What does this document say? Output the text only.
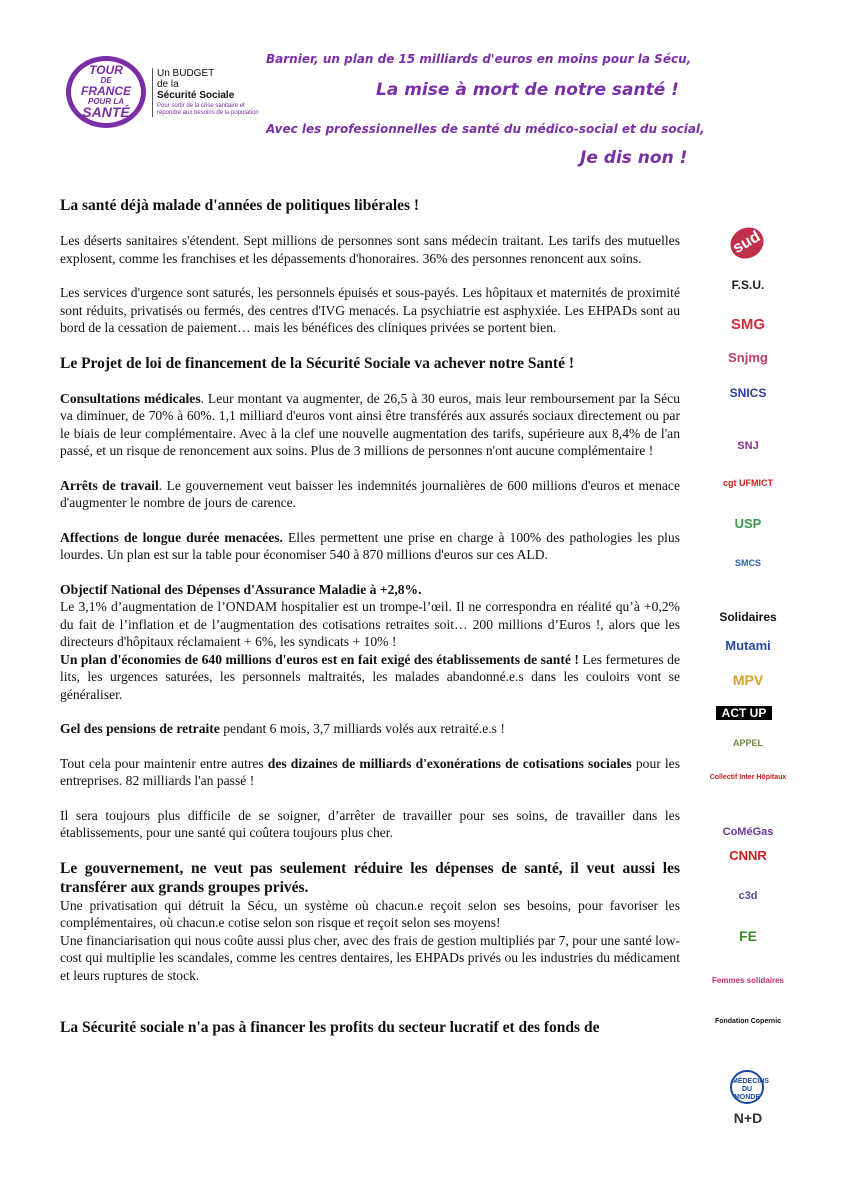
TOUR
DE
FRANCE
POUR LA
SANTÉ
Un BUDGET
de la
Sécurité Sociale
Pour sortir de la crise sanitaire et répondre aux besoins de la population
Barnier, un plan de 15 milliards d'euros en moins pour la Sécu,
La mise à mort de notre santé !
Avec les professionnelles de santé du médico-social et du social,
Je dis non !
La santé déjà malade d'années de politiques libérales !

Les déserts sanitaires s'étendent. Sept millions de personnes sont sans médecin traitant. Les tarifs des mutuelles explosent, comme les franchises et les dépassements d'honoraires. 36% des personnes renoncent aux soins.

Les services d'urgence sont saturés, les personnels épuisés et sous-payés. Les hôpitaux et maternités de proximité sont réduits, privatisés ou fermés, des centres d'IVG menacés. La psychiatrie est asphyxiée. Les EHPADs sont au bord de la cessation de paiement… mais les bénéfices des cliniques privées se portent bien.

Le Projet de loi de financement de la Sécurité Sociale va achever notre Santé !

Consultations médicales. Leur montant va augmenter, de 26,5 à 30 euros, mais leur remboursement par la Sécu va diminuer, de 70% à 60%. 1,1 milliard d'euros vont ainsi être transférés aux assurés sociaux directement ou par le biais de leur complémentaire. Avec à la clef une nouvelle augmentation des tarifs, supérieure aux 8,4% de l'an passé, et un risque de renoncement aux soins. Plus de 3 millions de personnes n'ont aucune complémentaire !

Arrêts de travail. Le gouvernement veut baisser les indemnités journalières de 600 millions d'euros et menace d'augmenter le nombre de jours de carence.

Affections de longue durée menacées. Elles permettent une prise en charge à 100% des pathologies les plus lourdes. Un plan est sur la table pour économiser 540 à 870 millions d'euros sur ces ALD.

Objectif National des Dépenses d'Assurance Maladie à +2,8%.

Le 3,1% d’augmentation de l’ONDAM hospitalier est un trompe-l’œil. Il ne correspondra en réalité qu’à +0,2% du fait de l’inflation et de l’augmentation des cotisations retraites soit… 200 millions d’Euros !, alors que les directeurs d'hôpitaux réclamaient + 6%, les syndicats + 10% !

Un plan d'économies de 640 millions d'euros est en fait exigé des établissements de santé ! Les fermetures de lits, les urgences saturées, les personnels maltraités, les malades abandonné.e.s dans les couloirs vont se généraliser.

Gel des pensions de retraite pendant 6 mois, 3,7 milliards volés aux retraité.e.s !

Tout cela pour maintenir entre autres des dizaines de milliards d'exonérations de cotisations sociales pour les entreprises. 82 milliards l'an passé !

Il sera toujours plus difficile de se soigner, d’arrêter de travailler pour ses soins, de travailler dans les établissements, pour une santé qui coûtera toujours plus cher.

Le gouvernement, ne veut pas seulement réduire les dépenses de santé, il veut aussi les transférer aux grands groupes privés.

Une privatisation qui détruit la Sécu, un système où chacun.e reçoit selon ses besoins, pour favoriser les complémentaires, où chacun.e cotise selon son risque et reçoit selon ses moyens!

Une financiarisation qui nous coûte aussi plus cher, avec des frais de gestion multipliés par 7, pour une santé low-cost qui multiplie les scandales, comme les centres dentaires, les EHPADs privés ou les industries du médicament et leurs ruptures de stock.

La Sécurité sociale n'a pas à financer les profits du secteur lucratif et des fonds de
sud
F.S.U.
SMG
Snjmg
SNICS
SNJ
cgt UFMICT
USP
SMCS
Solidaires
Mutami
MPV
ACT UP
APPEL
Collectif Inter Hôpitaux
CoMéGas
CNNR
c3d
FE
Femmes solidaires
Fondation Copernic
MÉDECINS DU MONDE
N+D
